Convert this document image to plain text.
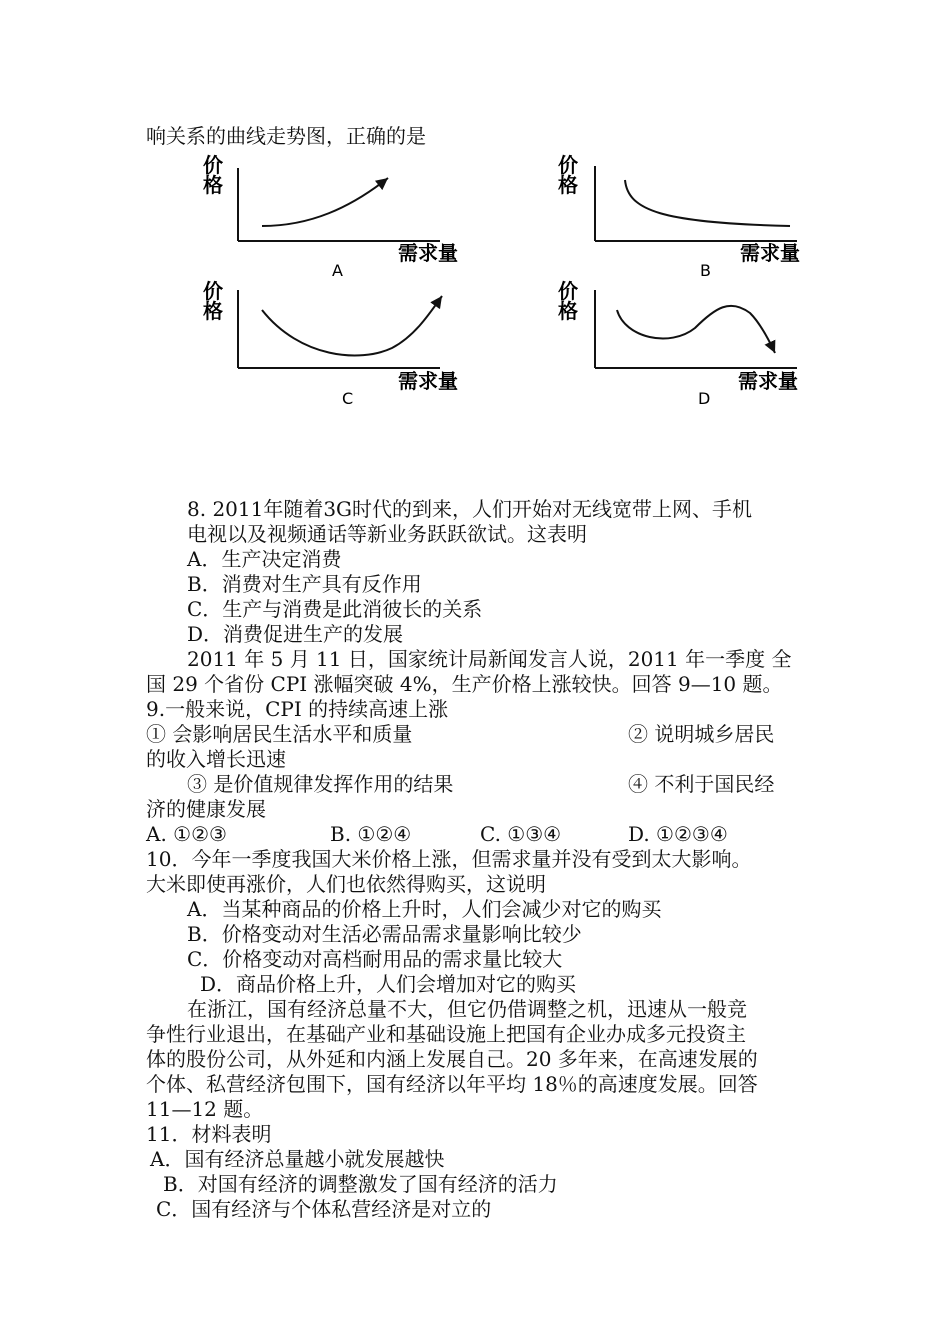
响关系的曲线走势图，正确的是
价
格
需求量
A
价
格
需求量
B
价
格
需求量
C
价
格
需求量
D
8. 2011年随着3G时代的到来，人们开始对无线宽带上网、手机
电视以及视频通话等新业务跃跃欲试。这表明
A．生产决定消费
B．消费对生产具有反作用
C．生产与消费是此消彼长的关系
D．消费促进生产的发展
2011 年 5 月 11 日，国家统计局新闻发言人说，2011 年一季度 全
国 29 个省份 CPI 涨幅突破 4%，生产价格上涨较快。回答 9—10 题。
9.一般来说，CPI 的持续高速上涨
① 会影响居民生活水平和质量	② 说明城乡居民
的收入增长迅速
③ 是价值规律发挥作用的结果	④ 不利于国民经
济的健康发展
A. ①②③	B. ①②④	C. ①③④	D. ①②③④
10．今年一季度我国大米价格上涨，但需求量并没有受到太大影响。
大米即使再涨价，人们也依然得购买，这说明
A．当某种商品的价格上升时，人们会减少对它的购买
B．价格变动对生活必需品需求量影响比较少
C．价格变动对高档耐用品的需求量比较大
D．商品价格上升，人们会增加对它的购买
在浙江，国有经济总量不大，但它仍借调整之机，迅速从一般竞
争性行业退出，在基础产业和基础设施上把国有企业办成多元投资主
体的股份公司，从外延和内涵上发展自己。20 多年来，在高速发展的
个体、私营经济包围下，国有经济以年平均 18％的高速度发展。回答
11—12 题。
11．材料表明
A．国有经济总量越小就发展越快
B．对国有经济的调整激发了国有经济的活力
C．国有经济与个体私营经济是对立的
